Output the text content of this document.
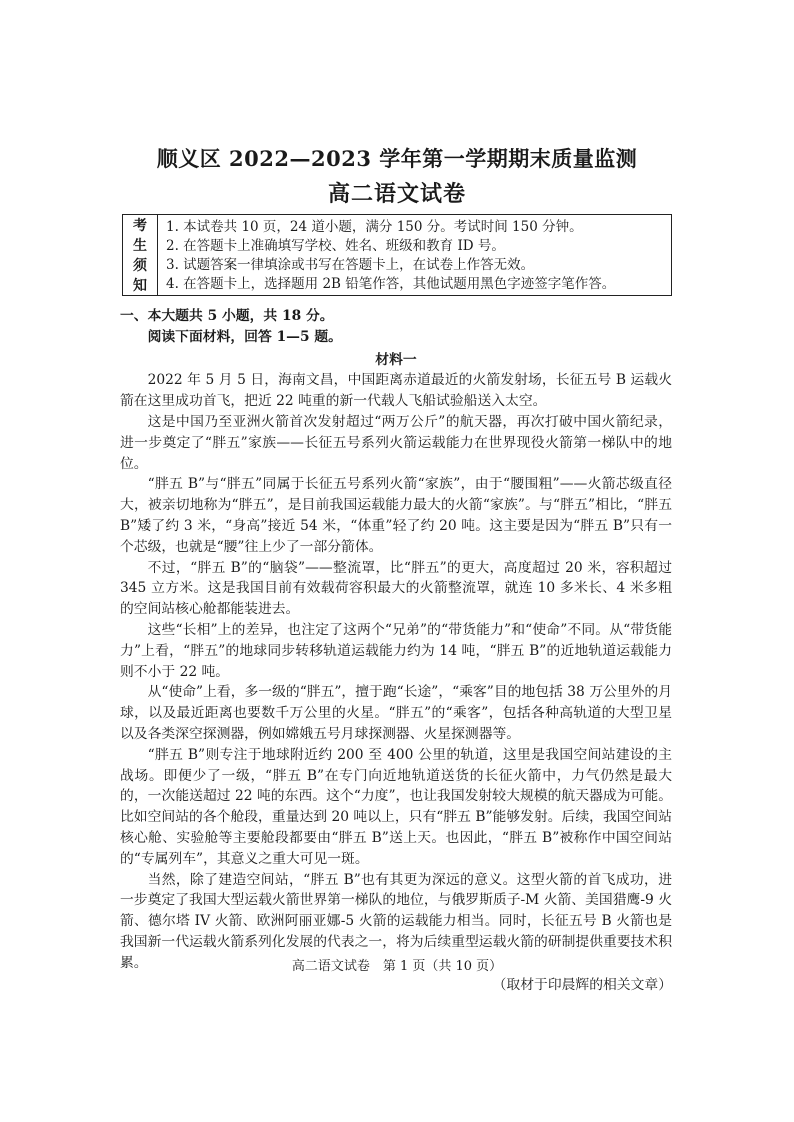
顺义区 2022—2023 学年第一学期期末质量监测
高二语文试卷
考
生
须
知
1. 本试卷共 10 页，24 道小题，满分 150 分。考试时间 150 分钟。
2. 在答题卡上准确填写学校、姓名、班级和教育 ID 号。
3. 试题答案一律填涂或书写在答题卡上，在试卷上作答无效。
4. 在答题卡上，选择题用 2B 铅笔作答，其他试题用黑色字迹签字笔作答。

一、本大题共 5 小题，共 18 分。

阅读下面材料，回答 1—5 题。

材料一

2022 年 5 月 5 日，海南文昌，中国距离赤道最近的火箭发射场，长征五号 B 运载火箭在这里成功首飞，把近 22 吨重的新一代载人飞船试验船送入太空。

这是中国乃至亚洲火箭首次发射超过“两万公斤”的航天器，再次打破中国火箭纪录，进一步奠定了“胖五”家族——长征五号系列火箭运载能力在世界现役火箭第一梯队中的地位。

“胖五 B”与“胖五”同属于长征五号系列火箭“家族”，由于“腰围粗”——火箭芯级直径大，被亲切地称为“胖五”，是目前我国运载能力最大的火箭“家族”。与“胖五”相比，“胖五 B”矮了约 3 米，“身高”接近 54 米，“体重”轻了约 20 吨。这主要是因为“胖五 B”只有一个芯级，也就是“腰”往上少了一部分箭体。

不过，“胖五 B”的“脑袋”——整流罩，比“胖五”的更大，高度超过 20 米，容积超过 345 立方米。这是我国目前有效载荷容积最大的火箭整流罩，就连 10 多米长、4 米多粗的空间站核心舱都能装进去。

这些“长相”上的差异，也注定了这两个“兄弟”的“带货能力”和“使命”不同。从“带货能力”上看，“胖五”的地球同步转移轨道运载能力约为 14 吨，“胖五 B”的近地轨道运载能力则不小于 22 吨。

从“使命”上看，多一级的“胖五”，擅于跑“长途”，“乘客”目的地包括 38 万公里外的月球，以及最近距离也要数千万公里的火星。“胖五”的“乘客”，包括各种高轨道的大型卫星以及各类深空探测器，例如嫦娥五号月球探测器、火星探测器等。

“胖五 B”则专注于地球附近约 200 至 400 公里的轨道，这里是我国空间站建设的主战场。即便少了一级，“胖五 B”在专门向近地轨道送货的长征火箭中，力气仍然是最大的，一次能送超过 22 吨的东西。这个“力度”，也让我国发射较大规模的航天器成为可能。比如空间站的各个舱段，重量达到 20 吨以上，只有“胖五 B”能够发射。后续，我国空间站核心舱、实验舱等主要舱段都要由“胖五 B”送上天。也因此，“胖五 B”被称作中国空间站的“专属列车”，其意义之重大可见一斑。

当然，除了建造空间站，“胖五 B”也有其更为深远的意义。这型火箭的首飞成功，进一步奠定了我国大型运载火箭世界第一梯队的地位，与俄罗斯质子-M 火箭、美国猎鹰-9 火箭、德尔塔 IV 火箭、欧洲阿丽亚娜-5 火箭的运载能力相当。同时，长征五号 B 火箭也是我国新一代运载火箭系列化发展的代表之一，将为后续重型运载火箭的研制提供重要技术积累。

（取材于印晨辉的相关文章）

高二语文试卷　第 1 页（共 10 页）
